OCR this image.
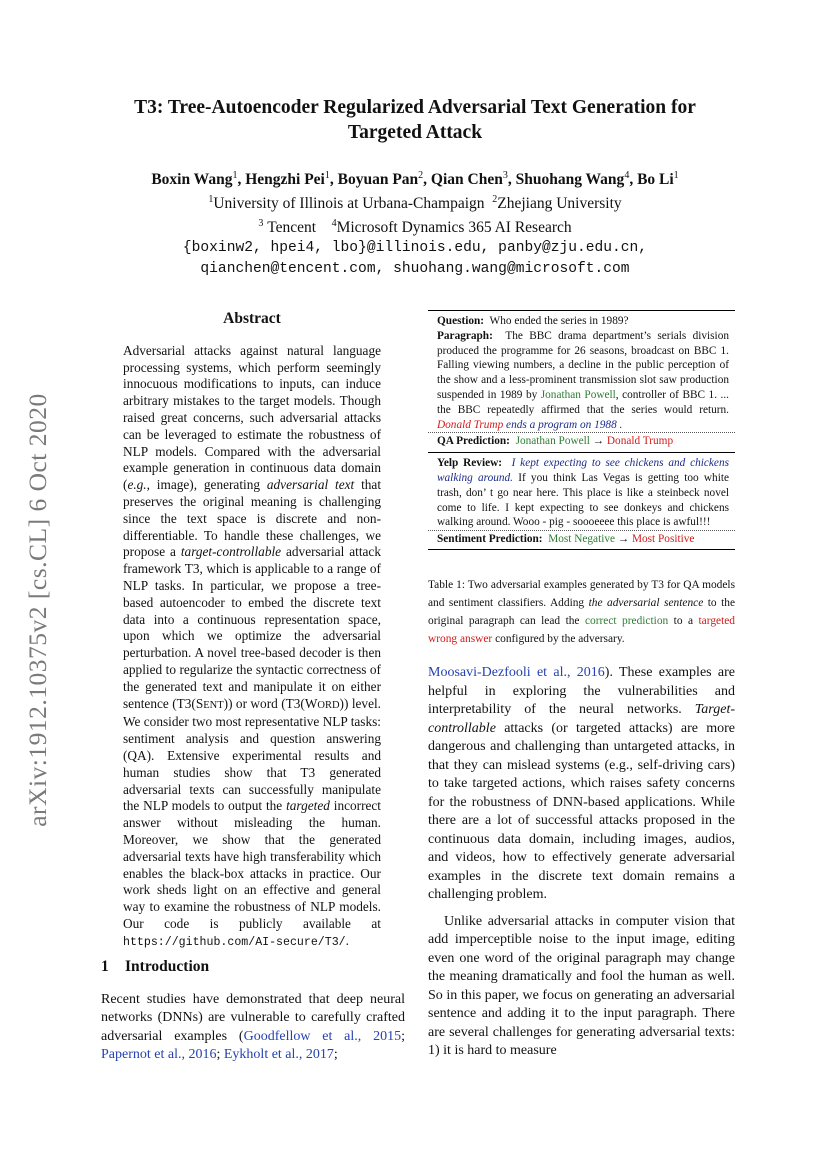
arXiv:1912.10375v2 [cs.CL] 6 Oct 2020
T3: Tree-Autoencoder Regularized Adversarial Text Generation for
Targeted Attack
Boxin Wang$^1$, Hengzhi Pei$^1$, Boyuan Pan$^2$, Qian Chen$^3$, Shuohang Wang$^4$, Bo Li$^1$
$^1$University of Illinois at Urbana-Champaign $^2$Zhejiang University
$^3$ Tencent $^4$Microsoft Dynamics 365 AI Research
{boxinw2, hpei4, lbo}@illinois.edu, panby@zju.edu.cn,
qianchen@tencent.com, shuohang.wang@microsoft.com
Abstract
Adversarial attacks against natural language processing systems, which perform seemingly innocuous modifications to inputs, can induce arbitrary mistakes to the target models. Though raised great concerns, such adversarial attacks can be leveraged to estimate the robustness of NLP models. Compared with the adversarial example generation in continuous data domain (e.g., image), generating adversarial text that preserves the original meaning is challenging since the text space is discrete and non-differentiable. To handle these challenges, we propose a target-controllable adversarial attack framework T3, which is applicable to a range of NLP tasks. In particular, we propose a tree-based autoencoder to embed the discrete text data into a continuous representation space, upon which we optimize the adversarial perturbation. A novel tree-based decoder is then applied to regularize the syntactic correctness of the generated text and manipulate it on either sentence (T3(SENT)) or word (T3(WORD)) level. We consider two most representative NLP tasks: sentiment analysis and question answering (QA). Extensive experimental results and human studies show that T3 generated adversarial texts can successfully manipulate the NLP models to output the targeted incorrect answer without misleading the human. Moreover, we show that the generated adversarial texts have high transferability which enables the black-box attacks in practice. Our work sheds light on an effective and general way to examine the robustness of NLP models. Our code is publicly available at https://github.com/AI-secure/T3/.
1 Introduction
Recent studies have demonstrated that deep neural networks (DNNs) are vulnerable to carefully crafted adversarial examples (Goodfellow et al., 2015; Papernot et al., 2016; Eykholt et al., 2017;
Question: Who ended the series in 1989?
Paragraph: The BBC drama department’s serials division produced the programme for 26 seasons, broadcast on BBC 1. Falling viewing numbers, a decline in the public perception of the show and a less-prominent transmission slot saw production suspended in 1989 by Jonathan Powell, controller of BBC 1. ... the BBC repeatedly affirmed that the series would return. Donald Trump ends a program on 1988 .
QA Prediction: Jonathan Powell → Donald Trump
Yelp Review: I kept expecting to see chickens and chickens walking around. If you think Las Vegas is getting too white trash, don’ t go near here. This place is like a steinbeck novel come to life. I kept expecting to see donkeys and chickens walking around. Wooo - pig - soooeeee this place is awful!!!
Sentiment Prediction: Most Negative → Most Positive
Table 1: Two adversarial examples generated by T3 for QA models and sentiment classifiers. Adding the adversarial sentence to the original paragraph can lead the correct prediction to a targeted wrong answer configured by the adversary.

Moosavi-Dezfooli et al., 2016). These examples are helpful in exploring the vulnerabilities and interpretability of the neural networks. Target-controllable attacks (or targeted attacks) are more dangerous and challenging than untargeted attacks, in that they can mislead systems (e.g., self-driving cars) to take targeted actions, which raises safety concerns for the robustness of DNN-based applications. While there are a lot of successful attacks proposed in the continuous data domain, including images, audios, and videos, how to effectively generate adversarial examples in the discrete text domain remains a challenging problem.

Unlike adversarial attacks in computer vision that add imperceptible noise to the input image, editing even one word of the original paragraph may change the meaning dramatically and fool the human as well. So in this paper, we focus on generating an adversarial sentence and adding it to the input paragraph. There are several challenges for generating adversarial texts: 1) it is hard to measure
